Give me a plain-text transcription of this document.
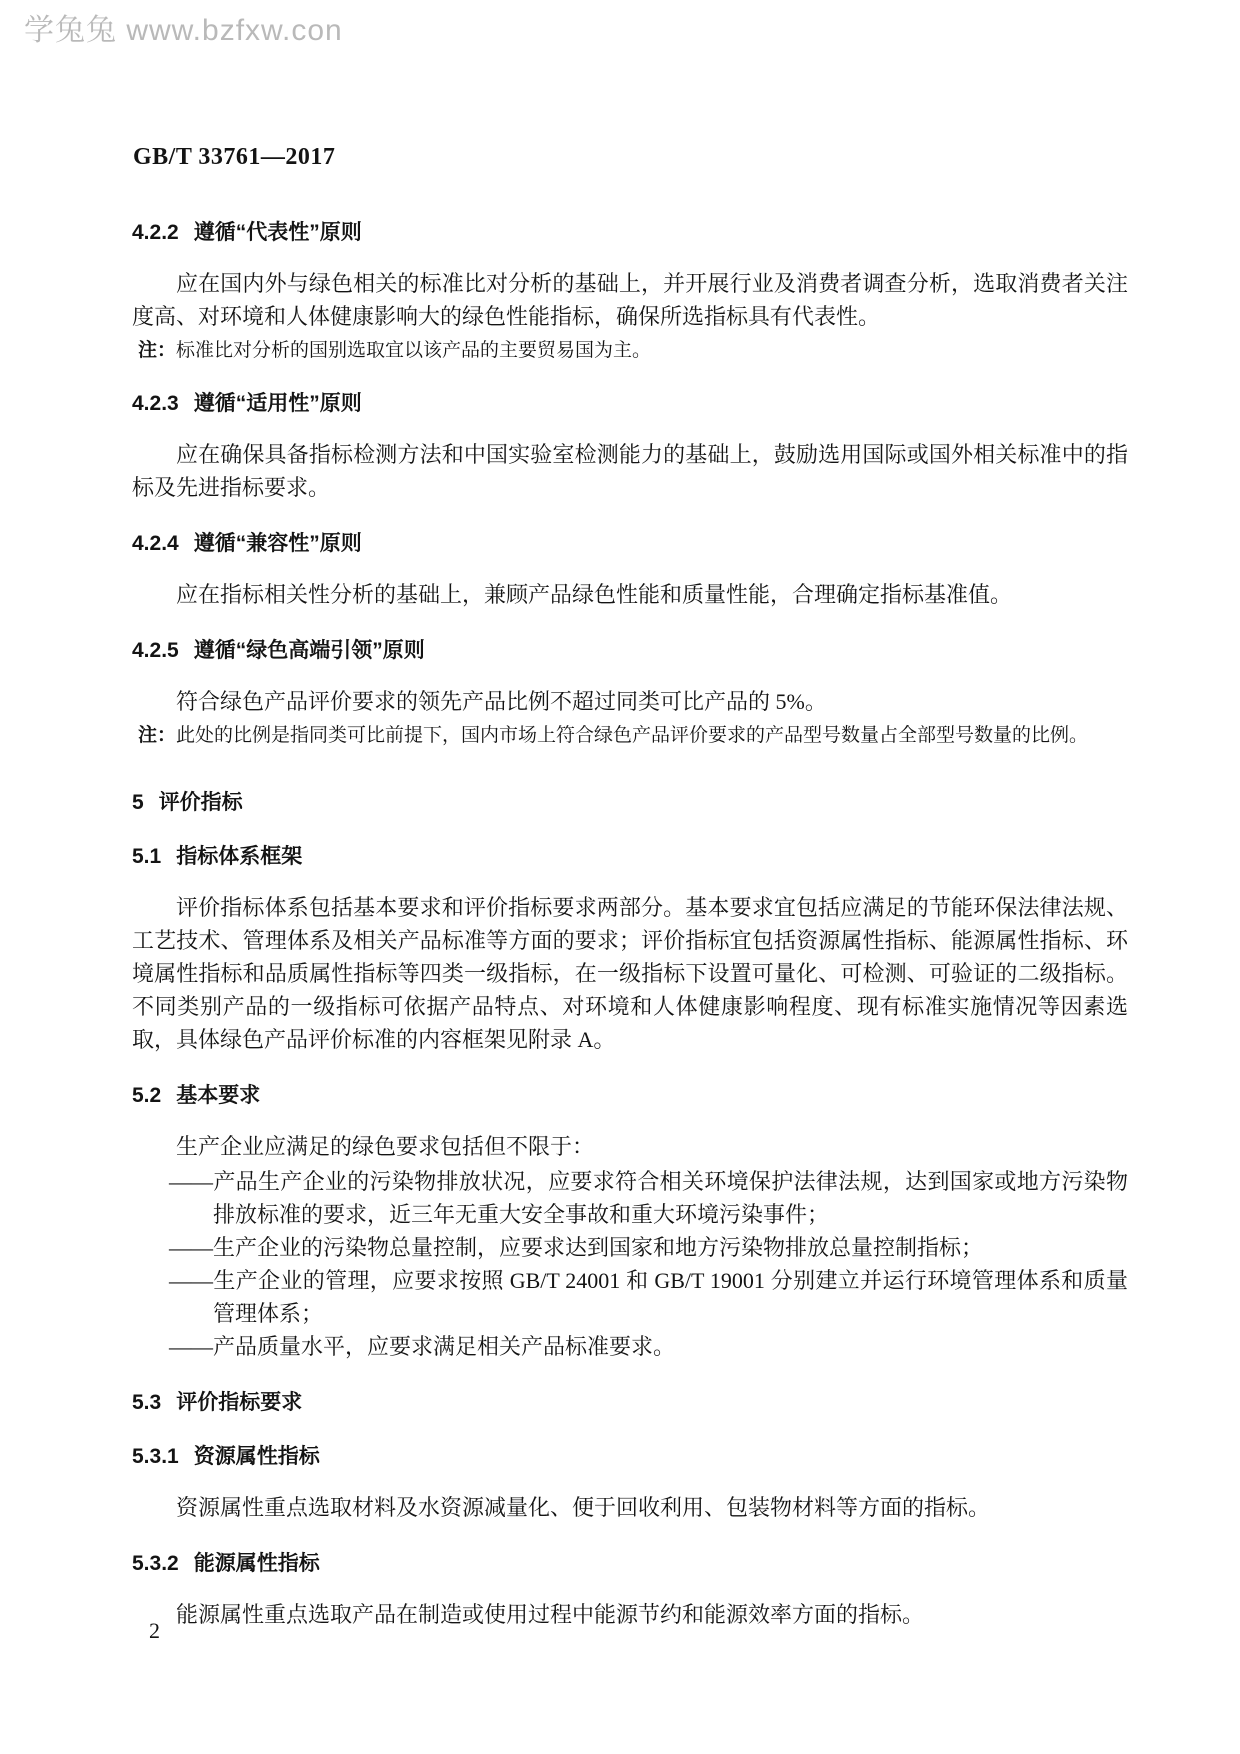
学兔兔 www.bzfxw.con
GB/T 33761—2017
4.2.2 遵循“代表性”原则

应在国内外与绿色相关的标准比对分析的基础上，并开展行业及消费者调查分析，选取消费者关注度高、对环境和人体健康影响大的绿色性能指标，确保所选指标具有代表性。

注：标准比对分析的国别选取宜以该产品的主要贸易国为主。
4.2.3 遵循“适用性”原则

应在确保具备指标检测方法和中国实验室检测能力的基础上，鼓励选用国际或国外相关标准中的指标及先进指标要求。

4.2.4 遵循“兼容性”原则

应在指标相关性分析的基础上，兼顾产品绿色性能和质量性能，合理确定指标基准值。

4.2.5 遵循“绿色高端引领”原则

符合绿色产品评价要求的领先产品比例不超过同类可比产品的 5%。

注：此处的比例是指同类可比前提下，国内市场上符合绿色产品评价要求的产品型号数量占全部型号数量的比例。
5 评价指标
5.1 指标体系框架

评价指标体系包括基本要求和评价指标要求两部分。基本要求宜包括应满足的节能环保法律法规、工艺技术、管理体系及相关产品标准等方面的要求；评价指标宜包括资源属性指标、能源属性指标、环境属性指标和品质属性指标等四类一级指标，在一级指标下设置可量化、可检测、可验证的二级指标。不同类别产品的一级指标可依据产品特点、对环境和人体健康影响程度、现有标准实施情况等因素选取，具体绿色产品评价标准的内容框架见附录 A。

5.2 基本要求

生产企业应满足的绿色要求包括但不限于：

——产品生产企业的污染物排放状况，应要求符合相关环境保护法律法规，达到国家或地方污染物排放标准的要求，近三年无重大安全事故和重大环境污染事件；
——生产企业的污染物总量控制，应要求达到国家和地方污染物排放总量控制指标；
——生产企业的管理，应要求按照 GB/T 24001 和 GB/T 19001 分别建立并运行环境管理体系和质量管理体系；
——产品质量水平，应要求满足相关产品标准要求。
5.3 评价指标要求
5.3.1 资源属性指标

资源属性重点选取材料及水资源减量化、便于回收利用、包装物材料等方面的指标。

5.3.2 能源属性指标

能源属性重点选取产品在制造或使用过程中能源节约和能源效率方面的指标。

2
